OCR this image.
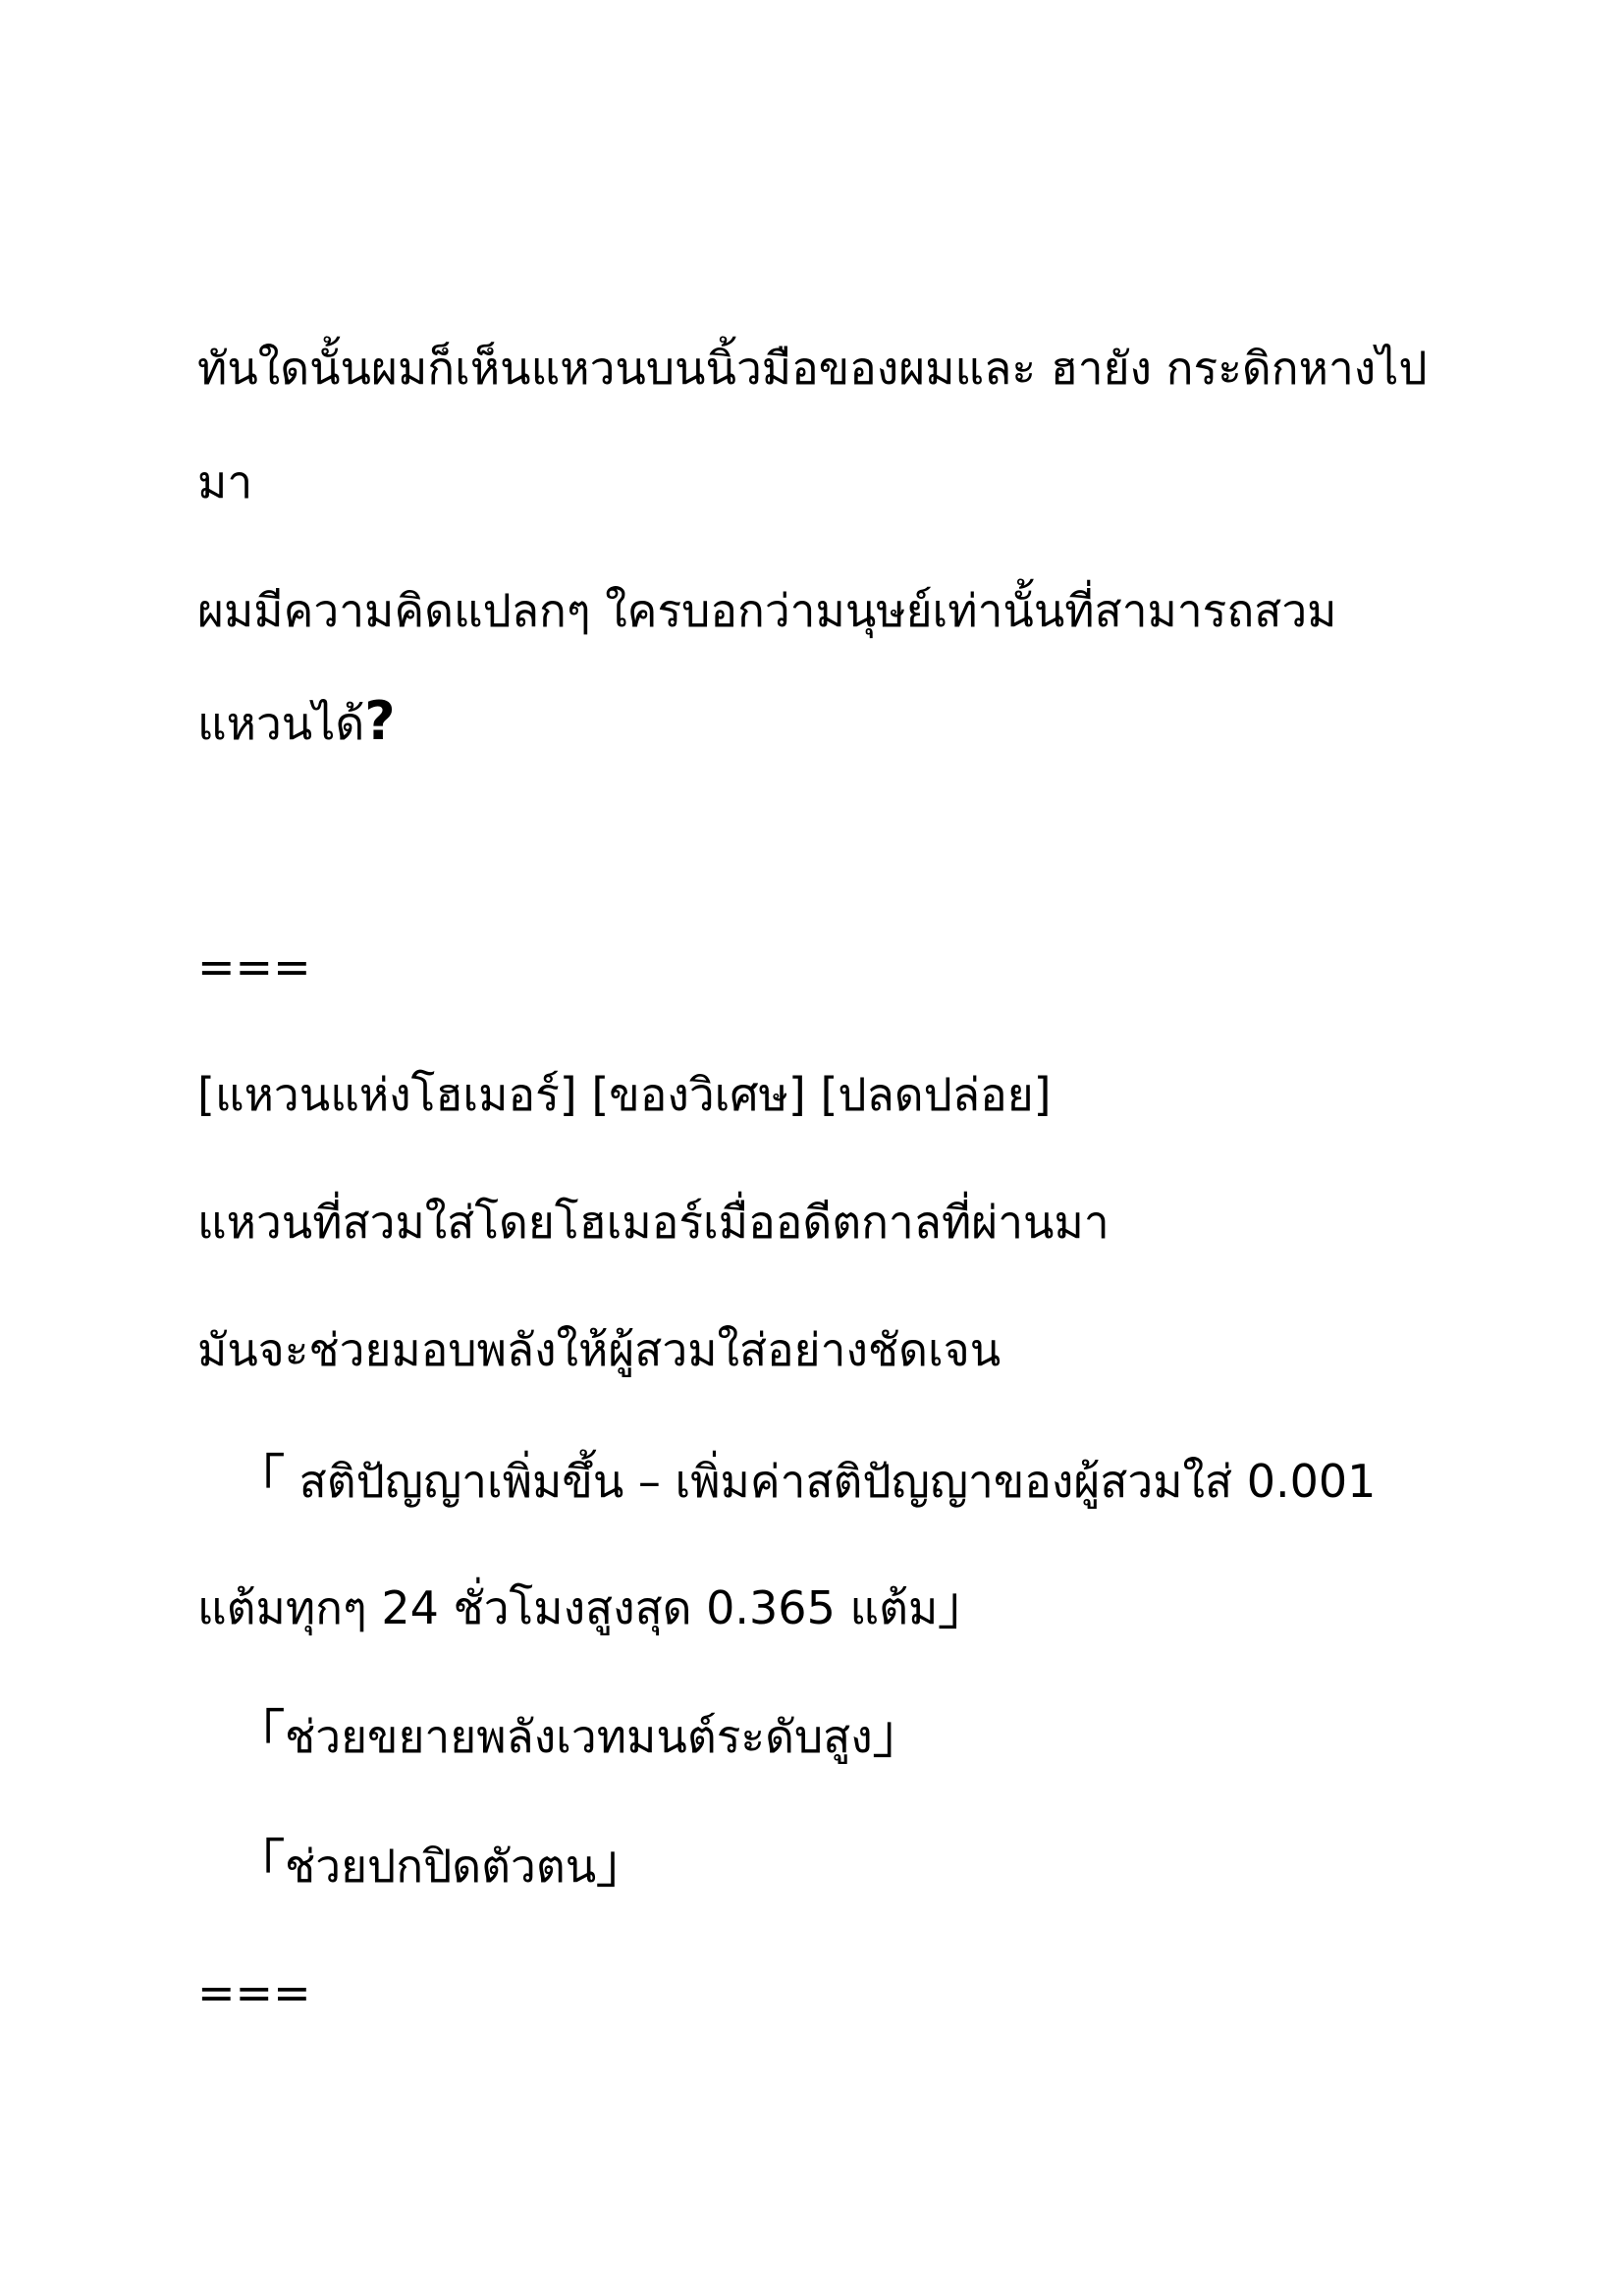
ทันใดนั้นผมก็เห็นแหวนบนนิ้วมือของผมและ ฮายัง กระดิกหางไป
มา
ผมมีความคิดแปลกๆ ใครบอกว่ามนุษย์เท่านั้นที่สามารถสวม
แหวนได้?
===
[แหวนแห่งโฮเมอร์] [ของวิเศษ] [ปลดปล่อย]
แหวนที่สวมใส่โดยโฮเมอร์เมื่ออดีตกาลที่ผ่านมา
มันจะช่วยมอบพลังให้ผู้สวมใส่อย่างชัดเจน
「 สติปัญญาเพิ่มขึ้น – เพิ่มค่าสติปัญญาของผู้สวมใส่ 0.001
แต้มทุกๆ 24 ชั่วโมงสูงสุด 0.365 แต้ม」
「ช่วยขยายพลังเวทมนต์ระดับสูง」
「ช่วยปกปิดตัวตน」
===
